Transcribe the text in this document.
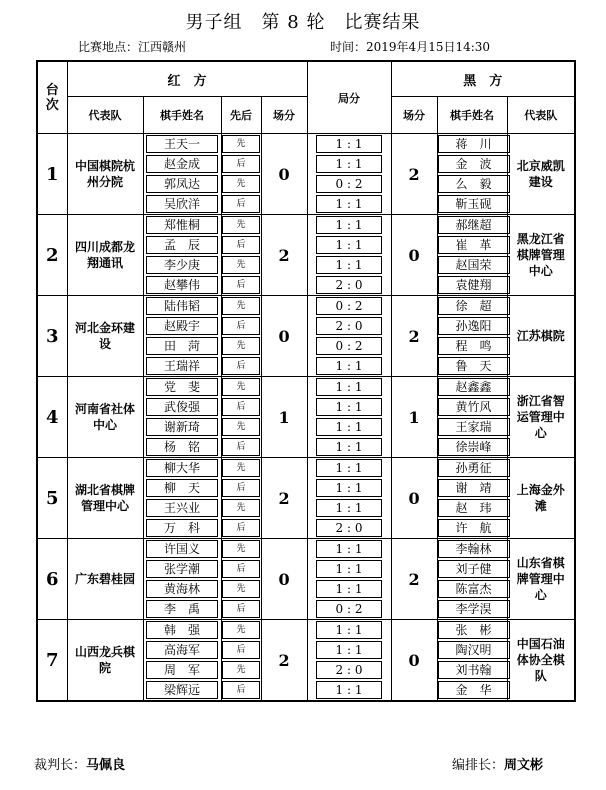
男子组　第 8 轮　比赛结果
比赛地点：江西赣州	时间：2019年4月15日14:30
台次	红　方				局分	黑　方		
	代表队	棋手姓名	先后	场分		场分	棋手姓名	代表队
1	中国棋院杭州分院	王天一	先	0	1 : 1	2	蒋　川	北京威凯建设

		赵金成	后		1 : 1		金　波	

		郭凤达	先		0 : 2		么　毅	

		吴欣洋	后		1 : 1		靳玉砚	

2	四川成都龙翔通讯	郑惟桐	先	2	1 : 1	0	郝继超	黑龙江省棋牌管理中心

		孟　辰	后		1 : 1		崔　革	

		李少庚	先		1 : 1		赵国荣	

		赵攀伟	后		2 : 0		袁健翔	

3	河北金环建设	陆伟韬	先	0	0 : 2	2	徐　超	江苏棋院

		赵殿宇	后		2 : 0		孙逸阳	

		田　菏	先		0 : 2		程　鸣	

		王瑞祥	后		1 : 1		鲁　天	

4	河南省社体中心	党　斐	先	1	1 : 1	1	赵鑫鑫	浙江省智运管理中心

		武俊强	后		1 : 1		黄竹风	

		谢新琦	先		1 : 1		王家瑞	

		杨　铭	后		1 : 1		徐崇峰	

5	湖北省棋牌管理中心	柳大华	先	2	1 : 1	0	孙勇征	上海金外滩

		柳　天	后		1 : 1		谢　靖	

		王兴业	先		1 : 1		赵　玮	

		万　科	后		2 : 0		许　航	

6	广东碧桂园	许国义	先	0	1 : 1	2	李翰林	山东省棋牌管理中心

		张学潮	后		1 : 1		刘子健	

		黄海林	先		1 : 1		陈富杰	

		李　禹	后		0 : 2		李学淏	

7	山西龙兵棋院	韩　强	先	2	1 : 1	0	张　彬	中国石油体协全棋队

		高海军	后		1 : 1		陶汉明	

		周　军	先		2 : 0		刘书翰	

		梁辉远	后		1 : 1		金　华	
裁判长：马佩良	编排长：周文彬
